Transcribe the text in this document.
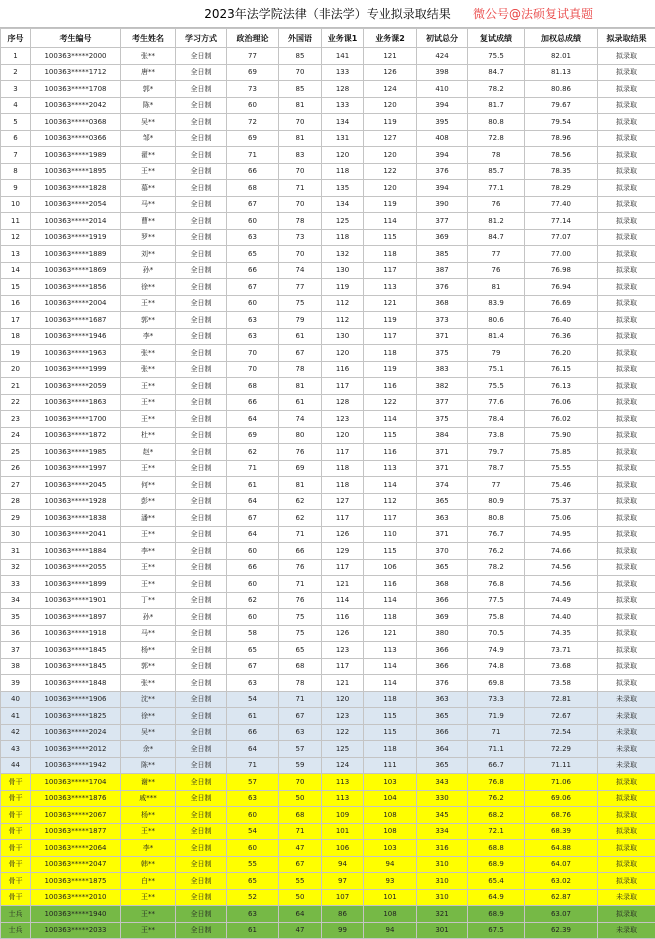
2023年法学院法律（非法学）专业拟录取结果	微公号@法硕复试真题
序号	考生编号	考生姓名	学习方式	政治理论	外国语	业务课1	业务课2	初试总分	复试成绩	加权总成绩	拟录取结果
1	100363*****2000	张**	全日制	77	85	141	121	424	75.5	82.01	拟录取
2	100363*****1712	唐**	全日制	69	70	133	126	398	84.7	81.13	拟录取
3	100363*****1708	郭*	全日制	73	85	128	124	410	78.2	80.86	拟录取
4	100363*****2042	陈*	全日制	60	81	133	120	394	81.7	79.67	拟录取
5	100363*****0368	吴**	全日制	72	70	134	119	395	80.8	79.54	拟录取
6	100363*****0366	邹*	全日制	69	81	131	127	408	72.8	78.96	拟录取
7	100363*****1989	翟**	全日制	71	83	120	120	394	78	78.56	拟录取
8	100363*****1895	王**	全日制	66	70	118	122	376	85.7	78.35	拟录取
9	100363*****1828	慕**	全日制	68	71	135	120	394	77.1	78.29	拟录取
10	100363*****2054	马**	全日制	67	70	134	119	390	76	77.40	拟录取
11	100363*****2014	曹**	全日制	60	78	125	114	377	81.2	77.14	拟录取
12	100363*****1919	罗**	全日制	63	73	118	115	369	84.7	77.07	拟录取
13	100363*****1889	刘**	全日制	65	70	132	118	385	77	77.00	拟录取
14	100363*****1869	孙*	全日制	66	74	130	117	387	76	76.98	拟录取
15	100363*****1856	徐**	全日制	67	77	119	113	376	81	76.94	拟录取
16	100363*****2004	王**	全日制	60	75	112	121	368	83.9	76.69	拟录取
17	100363*****1687	郭**	全日制	63	79	112	119	373	80.6	76.40	拟录取
18	100363*****1946	李*	全日制	63	61	130	117	371	81.4	76.36	拟录取
19	100363*****1963	张**	全日制	70	67	120	118	375	79	76.20	拟录取
20	100363*****1999	张**	全日制	70	78	116	119	383	75.1	76.15	拟录取
21	100363*****2059	王**	全日制	68	81	117	116	382	75.5	76.13	拟录取
22	100363*****1863	王**	全日制	66	61	128	122	377	77.6	76.06	拟录取
23	100363*****1700	王**	全日制	64	74	123	114	375	78.4	76.02	拟录取
24	100363*****1872	杜**	全日制	69	80	120	115	384	73.8	75.90	拟录取
25	100363*****1985	赵*	全日制	62	76	117	116	371	79.7	75.85	拟录取
26	100363*****1997	王**	全日制	71	69	118	113	371	78.7	75.55	拟录取
27	100363*****2045	何**	全日制	61	81	118	114	374	77	75.46	拟录取
28	100363*****1928	彭**	全日制	64	62	127	112	365	80.9	75.37	拟录取
29	100363*****1838	潘**	全日制	67	62	117	117	363	80.8	75.06	拟录取
30	100363*****2041	王**	全日制	64	71	126	110	371	76.7	74.95	拟录取
31	100363*****1884	李**	全日制	60	66	129	115	370	76.2	74.66	拟录取
32	100363*****2055	王**	全日制	66	76	117	106	365	78.2	74.56	拟录取
33	100363*****1899	王**	全日制	60	71	121	116	368	76.8	74.56	拟录取
34	100363*****1901	丁**	全日制	62	76	114	114	366	77.5	74.49	拟录取
35	100363*****1897	孙*	全日制	60	75	116	118	369	75.8	74.40	拟录取
36	100363*****1918	马**	全日制	58	75	126	121	380	70.5	74.35	拟录取
37	100363*****1845	杨**	全日制	65	65	123	113	366	74.9	73.71	拟录取
38	100363*****1845	郭**	全日制	67	68	117	114	366	74.8	73.68	拟录取
39	100363*****1848	张**	全日制	63	78	121	114	376	69.8	73.58	拟录取
40	100363*****1906	沈**	全日制	54	71	120	118	363	73.3	72.81	未录取
41	100363*****1825	徐**	全日制	61	67	123	115	365	71.9	72.67	未录取
42	100363*****2024	吴**	全日制	66	63	122	115	366	71	72.54	未录取
43	100363*****2012	余*	全日制	64	57	125	118	364	71.1	72.29	未录取
44	100363*****1942	陈**	全日制	71	59	124	111	365	66.7	71.11	未录取
骨干	100363*****1704	谢**	全日制	57	70	113	103	343	76.8	71.06	拟录取
骨干	100363*****1876	戚***	全日制	63	50	113	104	330	76.2	69.06	拟录取
骨干	100363*****2067	杨**	全日制	60	68	109	108	345	68.2	68.76	拟录取
骨干	100363*****1877	王**	全日制	54	71	101	108	334	72.1	68.39	拟录取
骨干	100363*****2064	李*	全日制	60	47	106	103	316	68.8	64.88	拟录取
骨干	100363*****2047	韩**	全日制	55	67	94	94	310	68.9	64.07	拟录取
骨干	100363*****1875	白**	全日制	65	55	97	93	310	65.4	63.02	拟录取
骨干	100363*****2010	王**	全日制	52	50	107	101	310	64.9	62.87	未录取
士兵	100363*****1940	王**	全日制	63	64	86	108	321	68.9	63.07	拟录取
士兵	100363*****2033	王**	全日制	61	47	99	94	301	67.5	62.39	未录取
